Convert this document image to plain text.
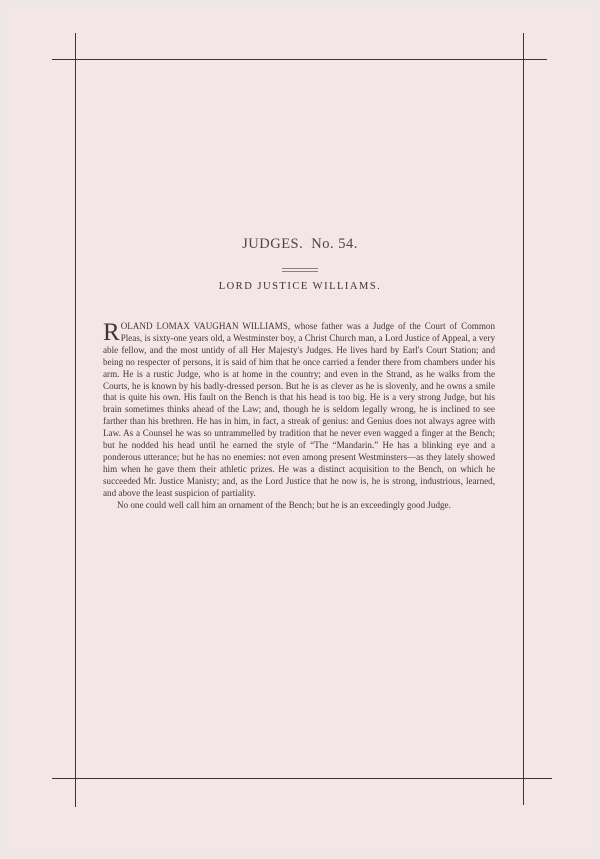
JUDGES. No. 54.
LORD JUSTICE WILLIAMS.

ROLAND LOMAX VAUGHAN WILLIAMS, whose father was a Judge of the Court of Common Pleas, is sixty-one years old, a Westminster boy, a Christ Church man, a Lord Justice of Appeal, a very able fellow, and the most untidy of all Her Majesty's Judges. He lives hard by Earl's Court Station; and being no respecter of persons, it is said of him that he once carried a fender there from chambers under his arm. He is a rustic Judge, who is at home in the country; and even in the Strand, as he walks from the Courts, he is known by his badly-dressed person. But he is as clever as he is slovenly, and he owns a smile that is quite his own. His fault on the Bench is that his head is too big. He is a very strong Judge, but his brain sometimes thinks ahead of the Law; and, though he is seldom legally wrong, he is inclined to see farther than his brethren. He has in him, in fact, a streak of genius: and Genius does not always agree with Law. As a Counsel he was so untrammelled by tradition that he never even wagged a finger at the Bench; but he nodded his head until he earned the style of “The “Mandarin.” He has a blinking eye and a ponderous utterance; but he has no enemies: not even among present Westminsters—as they lately showed him when he gave them their athletic prizes. He was a distinct acquisition to the Bench, on which he succeeded Mr. Justice Manisty; and, as the Lord Justice that he now is, he is strong, industrious, learned, and above the least suspicion of partiality.

No one could well call him an ornament of the Bench; but he is an exceedingly good Judge.
